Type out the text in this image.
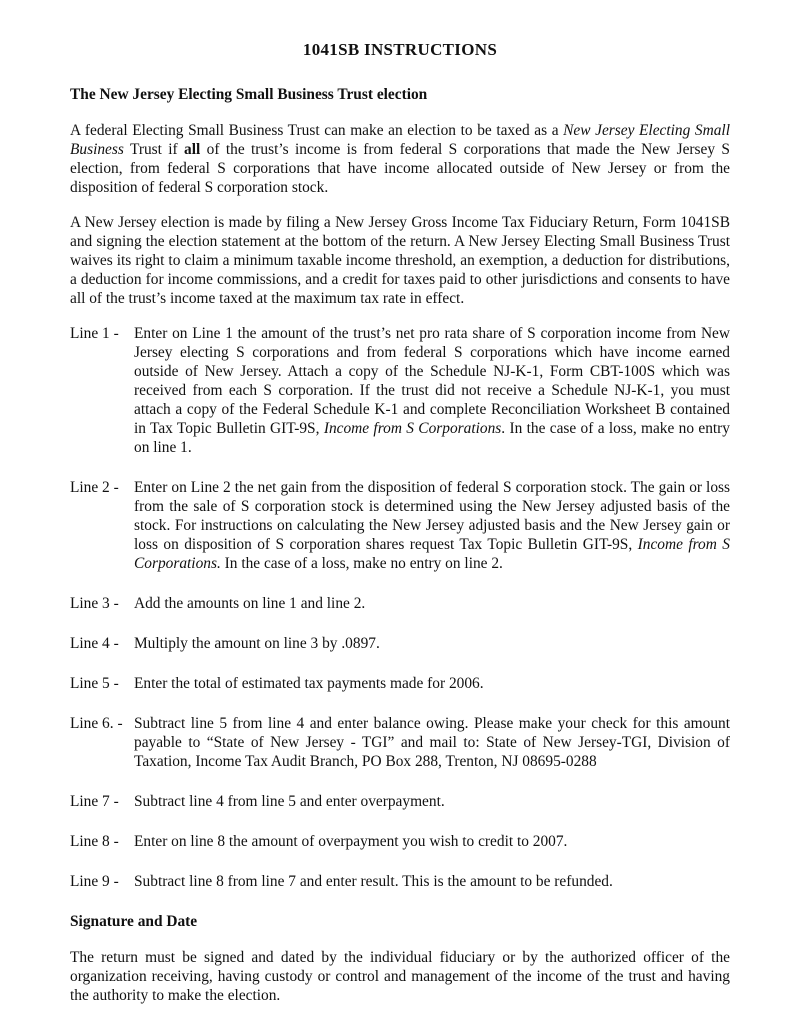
1041SB INSTRUCTIONS
The New Jersey Electing Small Business Trust election

A federal Electing Small Business Trust can make an election to be taxed as a New Jersey Electing Small Business Trust if all of the trust’s income is from federal S corporations that made the New Jersey S election, from federal S corporations that have income allocated outside of New Jersey or from the disposition of federal S corporation stock.

A New Jersey election is made by filing a New Jersey Gross Income Tax Fiduciary Return, Form 1041SB and signing the election statement at the bottom of the return. A New Jersey Electing Small Business Trust waives its right to claim a minimum taxable income threshold, an exemption, a deduction for distributions, a deduction for income commissions, and a credit for taxes paid to other jurisdictions and consents to have all of the trust’s income taxed at the maximum tax rate in effect.

Line 1 - Enter on Line 1 the amount of the trust’s net pro rata share of S corporation income from New Jersey electing S corporations and from federal S corporations which have income earned outside of New Jersey. Attach a copy of the Schedule NJ-K-1, Form CBT-100S which was received from each S corporation. If the trust did not receive a Schedule NJ-K-1, you must attach a copy of the Federal Schedule K-1 and complete Reconciliation Worksheet B contained in Tax Topic Bulletin GIT-9S, Income from S Corporations. In the case of a loss, make no entry on line 1.

Line 2 - Enter on Line 2 the net gain from the disposition of federal S corporation stock. The gain or loss from the sale of S corporation stock is determined using the New Jersey adjusted basis of the stock. For instructions on calculating the New Jersey adjusted basis and the New Jersey gain or loss on disposition of S corporation shares request Tax Topic Bulletin GIT-9S, Income from S Corporations. In the case of a loss, make no entry on line 2.

Line 3 - Add the amounts on line 1 and line 2.

Line 4 - Multiply the amount on line 3 by .0897.

Line 5 - Enter the total of estimated tax payments made for 2006.

Line 6. - Subtract line 5 from line 4 and enter balance owing. Please make your check for this amount payable to “State of New Jersey - TGI” and mail to: State of New Jersey-TGI, Division of Taxation, Income Tax Audit Branch, PO Box 288, Trenton, NJ 08695-0288

Line 7 - Subtract line 4 from line 5 and enter overpayment.

Line 8 - Enter on line 8 the amount of overpayment you wish to credit to 2007.

Line 9 - Subtract line 8 from line 7 and enter result. This is the amount to be refunded.

Signature and Date

The return must be signed and dated by the individual fiduciary or by the authorized officer of the organization receiving, having custody or control and management of the income of the trust and having the authority to make the election.
